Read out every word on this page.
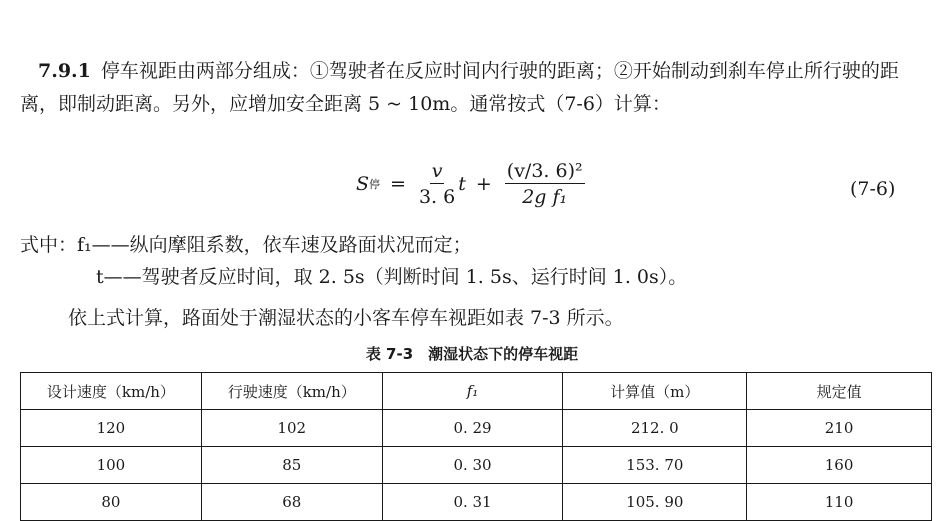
7.9.1 停车视距由两部分组成：①驾驶者在反应时间内行驶的距离；②开始制动到刹车停止所行驶的距离，即制动距离。另外，应增加安全距离 5 ~ 10m。通常按式（7-6）计算：

S 停 = $\frac{v}{3. 6}$ $t + \frac{\text{(v/3. 6)²}}{\text{2g f₁}}$	(7-6)
式中：f₁——纵向摩阻系数，依车速及路面状况而定；
t——驾驶者反应时间，取 2. 5s（判断时间 1. 5s、运行时间 1. 0s）。
依上式计算，路面处于潮湿状态的小客车停车视距如表 7-3 所示。
表 7-3　潮湿状态下的停车视距
设计速度（km/h）	行驶速度（km/h）	f₁	计算值（m）	规定值
120	102	0. 29	212. 0	210
100	85	0. 30	153. 70	160
80	68	0. 31	105. 90	110
